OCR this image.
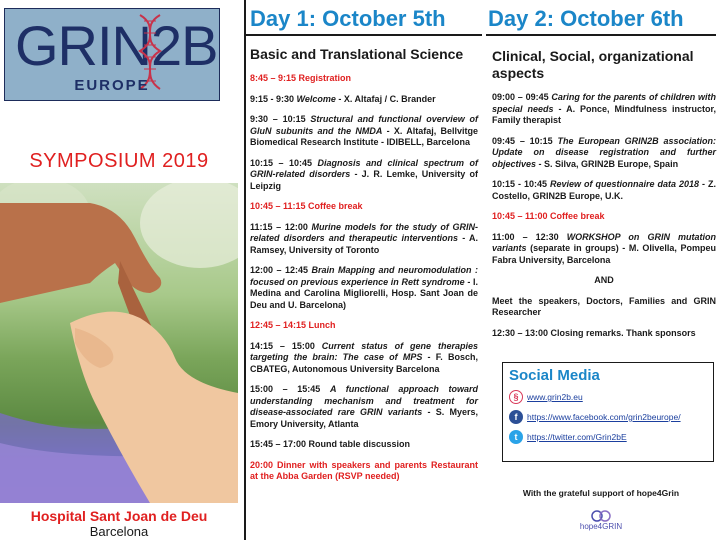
GRIN2B
EUROPE
SYMPOSIUM 2019
Hospital Sant Joan de Deu
Barcelona
Day 1: October 5th
Basic and Translational Science
8:45 – 9:15 Registration
9:15 - 9:30 Welcome - X. Altafaj / C. Brander
9:30 – 10:15 Structural and functional overview of GluN subunits and the NMDA - X. Altafaj, Bellvitge Biomedical Research Institute - IDIBELL, Barcelona
10:15 – 10:45 Diagnosis and clinical spectrum of GRIN-related disorders - J. R. Lemke, University of Leipzig
10:45 – 11:15 Coffee break
11:15 – 12:00 Murine models for the study of GRIN-related disorders and therapeutic interventions - A. Ramsey, University of Toronto
12:00 – 12:45 Brain Mapping and neuromodulation : focused on previous experience in Rett syndrome - I. Medina and Carolina Migliorelli, Hosp. Sant Joan de Deu and U. Barcelona)
12:45 – 14:15 Lunch
14:15 – 15:00 Current status of gene therapies targeting the brain: The case of MPS - F. Bosch, CBATEG, Autonomous University Barcelona
15:00 – 15:45 A functional approach toward understanding mechanism and treatment for disease-associated rare GRIN variants - S. Myers, Emory University, Atlanta
15:45 – 17:00 Round table discussion
20:00 Dinner with speakers and parents Restaurant at the Abba Garden (RSVP needed)
Day 2: October 6th
Clinical, Social, organizational aspects
09:00 – 09:45 Caring for the parents of children with special needs - A. Ponce, Mindfulness instructor, Family therapist
09:45 – 10:15 The European GRIN2B association: Update on disease registration and further objectives - S. Silva, GRIN2B Europe, Spain
10:15 - 10:45 Review of questionnaire data 2018 - Z. Costello, GRIN2B Europe, U.K.
10:45 – 11:00 Coffee break
11:00 – 12:30 WORKSHOP on GRIN mutation variants (separate in groups) - M. Olivella, Pompeu Fabra University, Barcelona
AND
Meet the speakers, Doctors, Families and GRIN Researcher
12:30 – 13:00 Closing remarks. Thank sponsors
Social Media
§	www.grin2b.eu
f	https://www.facebook.com/grin2beurope/
t	https://twitter.com/Grin2bE
With the grateful support of hope4Grin
hope4GRIN
